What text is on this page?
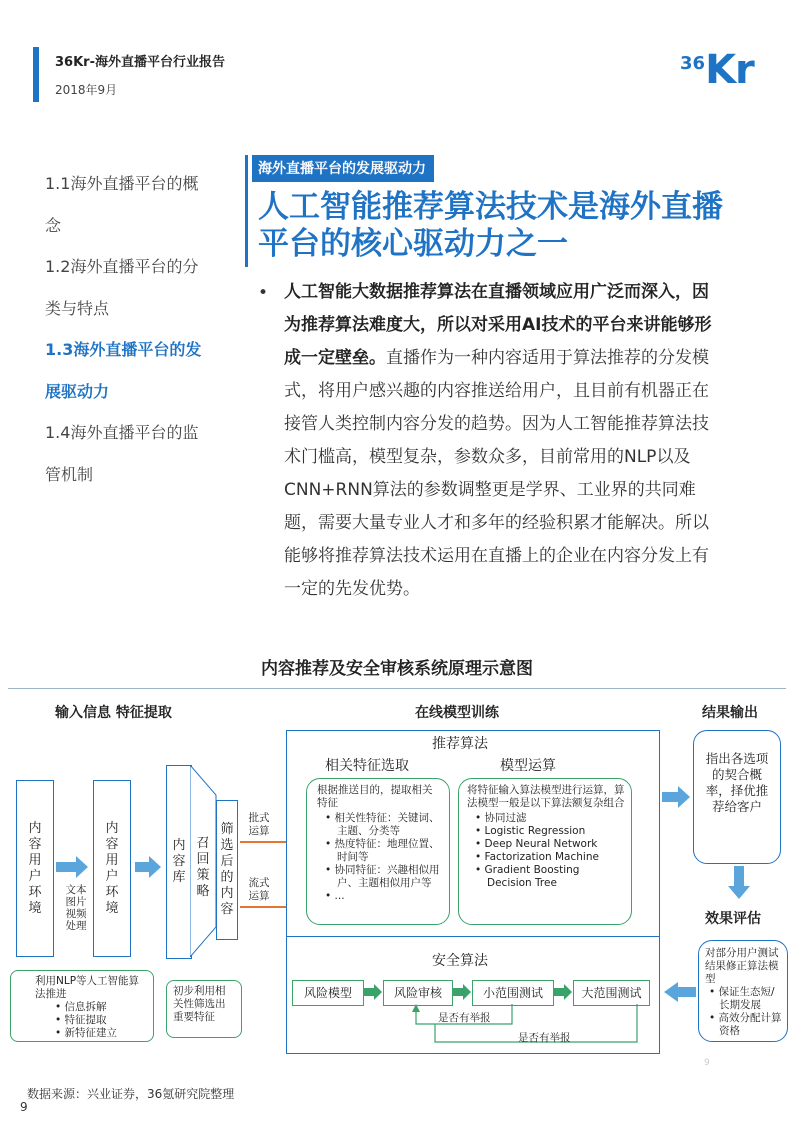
36Kr-海外直播平台行业报告
2018年9月
$^{36}$Kr
1.1海外直播平台的概
念
1.2海外直播平台的分
类与特点
1.3海外直播平台的发
展驱动力
1.4海外直播平台的监
管机制
海外直播平台的发展驱动力
人工智能推荐算法技术是海外直播平台的核心驱动力之一
• 人工智能大数据推荐算法在直播领域应用广泛而深入，因为推荐算法难度大，所以对采用AI技术的平台来讲能够形成一定壁垒。直播作为一种内容适用于算法推荐的分发模式，将用户感兴趣的内容推送给用户，且目前有机器正在接管人类控制内容分发的趋势。因为人工智能推荐算法技术门槛高，模型复杂，参数众多，目前常用的NLP以及CNN+RNN算法的参数调整更是学界、工业界的共同难题，需要大量专业人才和多年的经验积累才能解决。所以能够将推荐算法技术运用在直播上的企业在内容分发上有一定的先发优势。
内容推荐及安全审核系统原理示意图
输入信息 特征提取	在线模型训练	结果输出
内容用户环境
文本图片视频处理
内容用户环境
内容库
召回策略
筛选后的内容
批式运算
流式运算
利用NLP等人工智能算法推进
• 信息拆解
• 特征提取
• 新特征建立
初步利用相关性筛选出重要特征
推荐算法
相关特征选取
根据推送目的，提取相关特征
• 相关性特征：关键词、主题、分类等
• 热度特征：地理位置、时间等
• 协同特征：兴趣相似用户、主题相似用户等
• ...
模型运算
将特征输入算法模型进行运算，算法模型一般是以下算法额复杂组合
• 协同过滤
• Logistic Regression
• Deep Neural Network
• Factorization Machine
• Gradient Boosting Decision Tree
安全算法
风险模型	风险审核	小范围测试	大范围测试
是否有举报
是否有举报
指出各选项的契合概率，择优推荐给客户
效果评估
对部分用户测试结果修正算法模型
• 保证生态短/长期发展
• 高效分配计算资格
9
数据来源：兴业证券，36氪研究院整理
9
